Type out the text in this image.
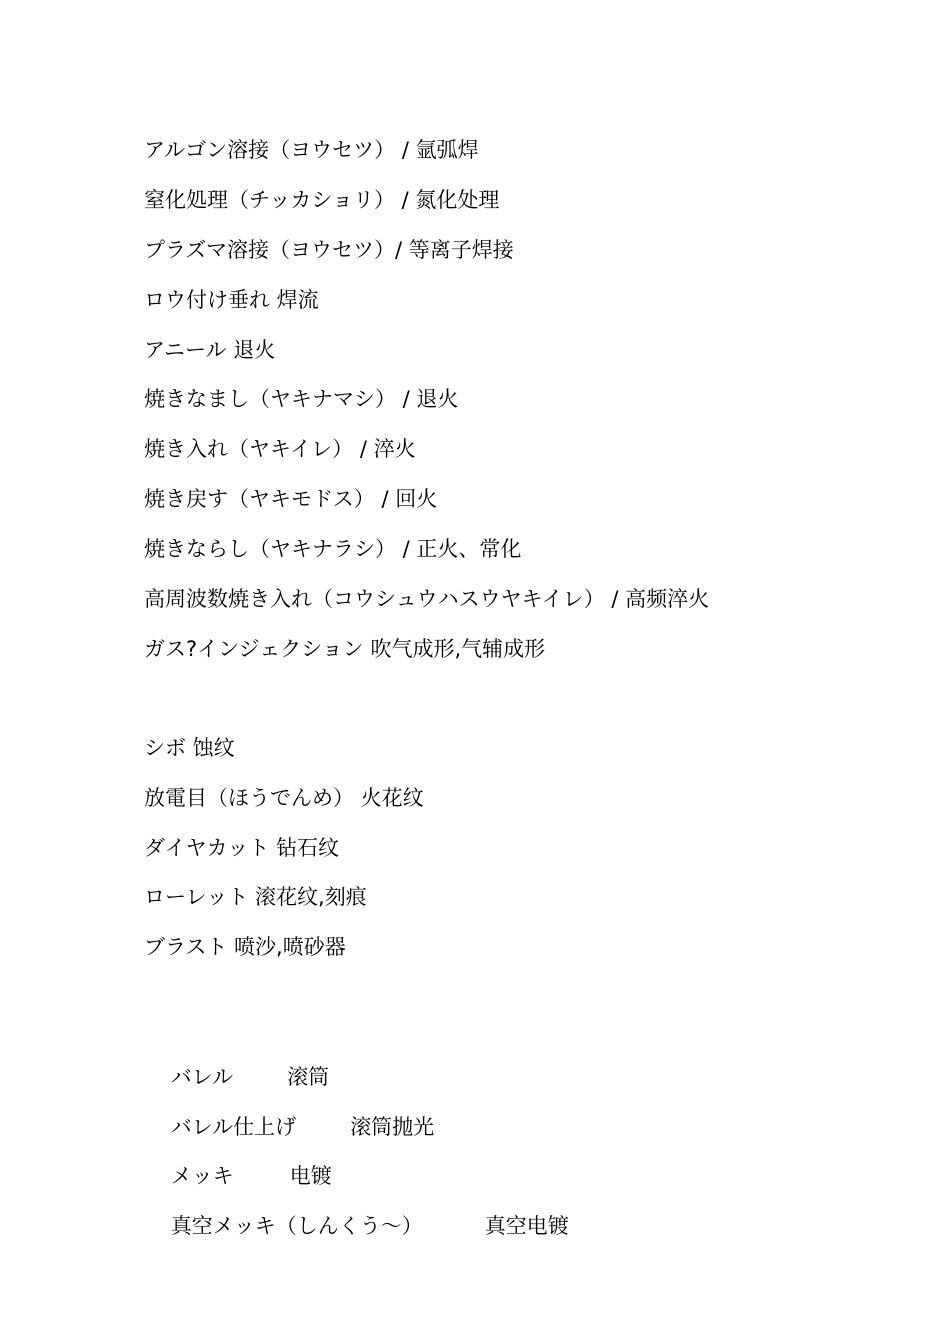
アルゴン溶接（ヨウセツ） / 氩弧焊
窒化処理（チッカショリ） / 氮化处理
プラズマ溶接（ヨウセツ）/ 等离子焊接
ロウ付け垂れ 焊流
アニール 退火
焼きなまし（ヤキナマシ） / 退火
焼き入れ（ヤキイレ） / 淬火
焼き戻す（ヤキモドス） / 回火
焼きならし（ヤキナラシ） / 正火、常化
高周波数焼き入れ（コウシュウハスウヤキイレ） / 高频淬火
ガス?インジェクション 吹气成形,气辅成形
シボ 蚀纹
放電目（ほうでんめ） 火花纹
ダイヤカット 钻石纹
ローレット 滚花纹,刻痕
ブラスト 喷沙,喷砂器

バレル	滚筒

バレル仕上げ	滚筒抛光

メッキ	电镀

真空メッキ（しんくう～）	真空电镀
